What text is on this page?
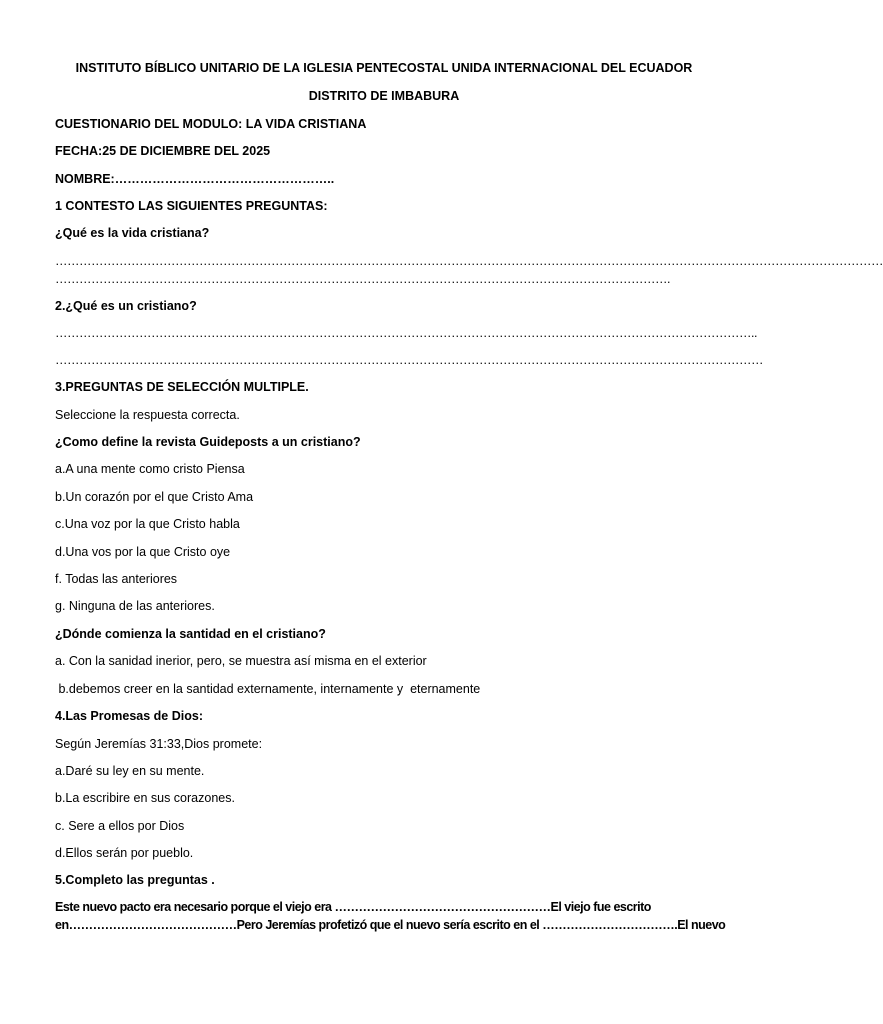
INSTITUTO BÍBLICO UNITARIO DE LA IGLESIA PENTECOSTAL UNIDA INTERNACIONAL DEL ECUADOR
DISTRITO DE IMBABURA
CUESTIONARIO DEL MODULO: LA VIDA CRISTIANA
FECHA:25 DE DICIEMBRE DEL 2025
NOMBRE:……………………………………………..
1 CONTESTO LAS SIGUIENTES PREGUNTAS:
¿Qué es la vida cristiana?
………………………………………………………………………………………………………………………………………………………………………………………
……………………………………………………………………………………………………………………………………….
2.¿Qué es un cristiano?
…………………………………………………………………………………………………………………………………………………………..
……………………………………………………………………………………………………………………………………………………………
3.PREGUNTAS DE SELECCIÓN MULTIPLE.
Seleccione la respuesta correcta.
¿Como define la revista Guideposts a un cristiano?
a.A una mente como cristo Piensa
b.Un corazón por el que Cristo Ama
c.Una voz por la que Cristo habla
d.Una vos por la que Cristo oye
f. Todas las anteriores
g. Ninguna de las anteriores.
¿Dónde comienza la santidad en el cristiano?
a. Con la sanidad inerior, pero, se muestra así misma en el exterior
b.debemos creer en la santidad externamente, internamente y  eternamente
4.Las Promesas de Dios:
Según Jeremías 31:33,Dios promete:
a.Daré su ley en su mente.
b.La escribire en sus corazones.
c. Sere a ellos por Dios
d.Ellos serán por pueblo.
5.Completo las preguntas .
Este nuevo pacto era necesario porque el viejo era ………………………………………………El viejo fue escrito
en……………………………………Pero Jeremías profetizó que el nuevo sería escrito en el …………………………….El nuevo
